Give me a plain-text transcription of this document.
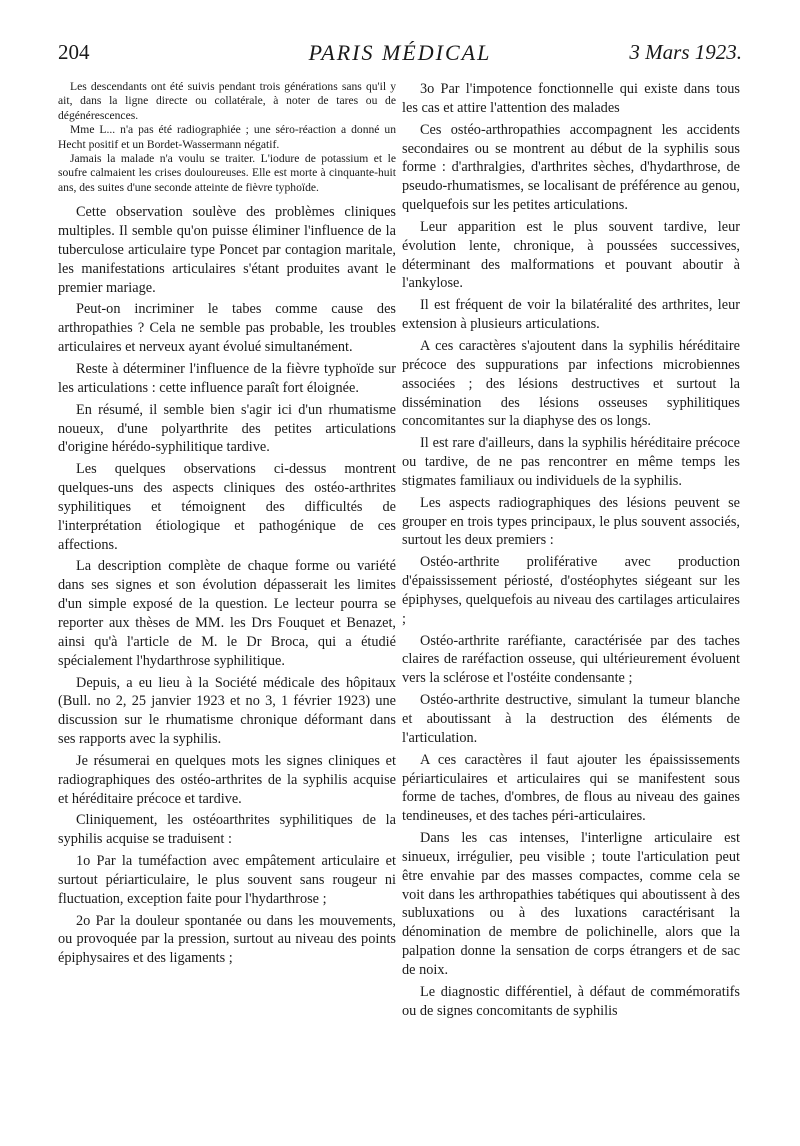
204	PARIS MÉDICAL	3 Mars 1923.

Les descendants ont été suivis pendant trois générations sans qu'il y ait, dans la ligne directe ou collatérale, à noter de tares ou de dégénérescences.

Mme L... n'a pas été radiographiée ; une séro-réaction a donné un Hecht positif et un Bordet-Wassermann négatif.

Jamais la malade n'a voulu se traiter. L'iodure de potassium et le soufre calmaient les crises douloureuses. Elle est morte à cinquante-huit ans, des suites d'une seconde atteinte de fièvre typhoïde.

Cette observation soulève des problèmes cliniques multiples. Il semble qu'on puisse éliminer l'influence de la tuberculose articulaire type Poncet par contagion maritale, les manifestations articulaires s'étant produites avant le premier mariage.

Peut-on incriminer le tabes comme cause des arthropathies ? Cela ne semble pas probable, les troubles articulaires et nerveux ayant évolué simultanément.

Reste à déterminer l'influence de la fièvre typhoïde sur les articulations : cette influence paraît fort éloignée.

En résumé, il semble bien s'agir ici d'un rhumatisme noueux, d'une polyarthrite des petites articulations d'origine hérédo-syphilitique tardive.

Les quelques observations ci-dessus montrent quelques-uns des aspects cliniques des ostéo-arthrites syphilitiques et témoignent des difficultés de l'interprétation étiologique et pathogénique de ces affections.

La description complète de chaque forme ou variété dans ses signes et son évolution dépasserait les limites d'un simple exposé de la question. Le lecteur pourra se reporter aux thèses de MM. les Drs Fouquet et Benazet, ainsi qu'à l'article de M. le Dr Broca, qui a étudié spécialement l'hydarthrose syphilitique.

Depuis, a eu lieu à la Société médicale des hôpitaux (Bull. no 2, 25 janvier 1923 et no 3, 1 février 1923) une discussion sur le rhumatisme chronique déformant dans ses rapports avec la syphilis.

Je résumerai en quelques mots les signes cliniques et radiographiques des ostéo-arthrites de la syphilis acquise et héréditaire précoce et tardive.

Cliniquement, les ostéoarthrites syphilitiques de la syphilis acquise se traduisent :

1o Par la tuméfaction avec empâtement articulaire et surtout périarticulaire, le plus souvent sans rougeur ni fluctuation, exception faite pour l'hydarthrose ;

2o Par la douleur spontanée ou dans les mouvements, ou provoquée par la pression, surtout au niveau des points épiphysaires et des ligaments ;

3o Par l'impotence fonctionnelle qui existe dans tous les cas et attire l'attention des malades

Ces ostéo-arthropathies accompagnent les accidents secondaires ou se montrent au début de la syphilis sous forme : d'arthralgies, d'arthrites sèches, d'hydarthrose, de pseudo-rhumatismes, se localisant de préférence au genou, quelquefois sur les petites articulations.

Leur apparition est le plus souvent tardive, leur évolution lente, chronique, à poussées successives, déterminant des malformations et pouvant aboutir à l'ankylose.

Il est fréquent de voir la bilatéralité des arthrites, leur extension à plusieurs articulations.

A ces caractères s'ajoutent dans la syphilis héréditaire précoce des suppurations par infections microbiennes associées ; des lésions destructives et surtout la dissémination des lésions osseuses syphilitiques concomitantes sur la diaphyse des os longs.

Il est rare d'ailleurs, dans la syphilis héréditaire précoce ou tardive, de ne pas rencontrer en même temps les stigmates familiaux ou individuels de la syphilis.

Les aspects radiographiques des lésions peuvent se grouper en trois types principaux, le plus souvent associés, surtout les deux premiers :

Ostéo-arthrite proliférative avec production d'épaississement périosté, d'ostéophytes siégeant sur les épiphyses, quelquefois au niveau des cartilages articulaires ;

Ostéo-arthrite raréfiante, caractérisée par des taches claires de raréfaction osseuse, qui ultérieurement évoluent vers la sclérose et l'ostéite condensante ;

Ostéo-arthrite destructive, simulant la tumeur blanche et aboutissant à la destruction des éléments de l'articulation.

A ces caractères il faut ajouter les épaississements périarticulaires et articulaires qui se manifestent sous forme de taches, d'ombres, de flous au niveau des gaines tendineuses, et des taches péri-articulaires.

Dans les cas intenses, l'interligne articulaire est sinueux, irrégulier, peu visible ; toute l'articulation peut être envahie par des masses compactes, comme cela se voit dans les arthropathies tabétiques qui aboutissent à des subluxations ou à des luxations caractérisant la dénomination de membre de polichinelle, alors que la palpation donne la sensation de corps étrangers et de sac de noix.

Le diagnostic différentiel, à défaut de commémoratifs ou de signes concomitants de syphilis
